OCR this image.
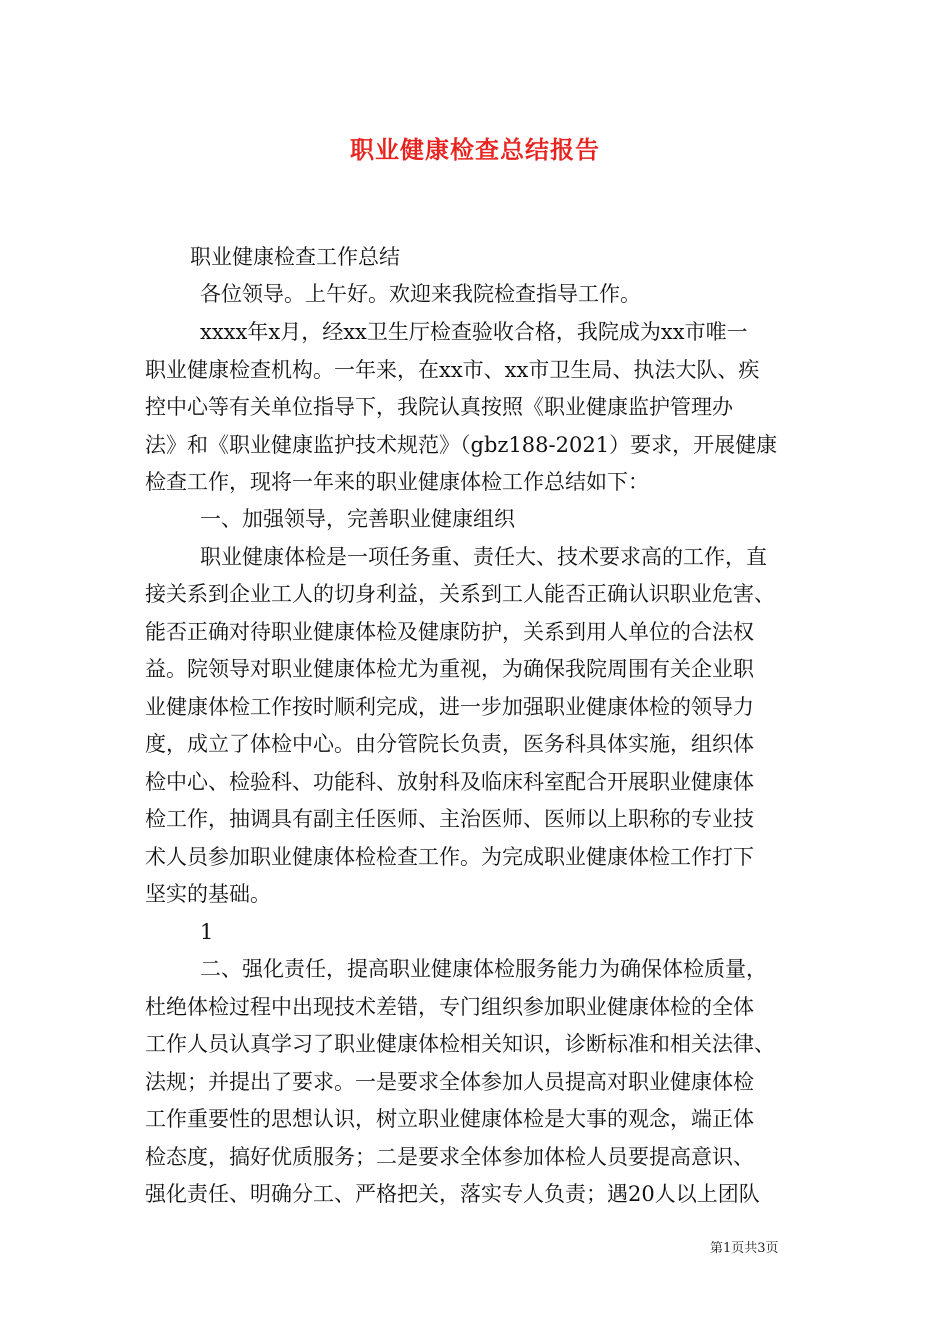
职业健康检查总结报告
职业健康检查工作总结
各位领导。上午好。欢迎来我院检查指导工作。
xxxx年x月，经xx卫生厅检查验收合格，我院成为xx市唯一
职业健康检查机构。一年来，在xx市、xx市卫生局、执法大队、疾
控中心等有关单位指导下，我院认真按照《职业健康监护管理办
法》和《职业健康监护技术规范》（gbz188-2021）要求，开展健康
检查工作，现将一年来的职业健康体检工作总结如下：
一、加强领导，完善职业健康组织
职业健康体检是一项任务重、责任大、技术要求高的工作，直
接关系到企业工人的切身利益，关系到工人能否正确认识职业危害、
能否正确对待职业健康体检及健康防护，关系到用人单位的合法权
益。院领导对职业健康体检尤为重视，为确保我院周围有关企业职
业健康体检工作按时顺利完成，进一步加强职业健康体检的领导力
度，成立了体检中心。由分管院长负责，医务科具体实施，组织体
检中心、检验科、功能科、放射科及临床科室配合开展职业健康体
检工作，抽调具有副主任医师、主治医师、医师以上职称的专业技
术人员参加职业健康体检检查工作。为完成职业健康体检工作打下
坚实的基础。
1
二、强化责任，提高职业健康体检服务能力为确保体检质量，
杜绝体检过程中出现技术差错，专门组织参加职业健康体检的全体
工作人员认真学习了职业健康体检相关知识，诊断标准和相关法律、
法规；并提出了要求。一是要求全体参加人员提高对职业健康体检
工作重要性的思想认识，树立职业健康体检是大事的观念，端正体
检态度，搞好优质服务；二是要求全体参加体检人员要提高意识、
强化责任、明确分工、严格把关，落实专人负责；遇20人以上团队
第1页共3页
